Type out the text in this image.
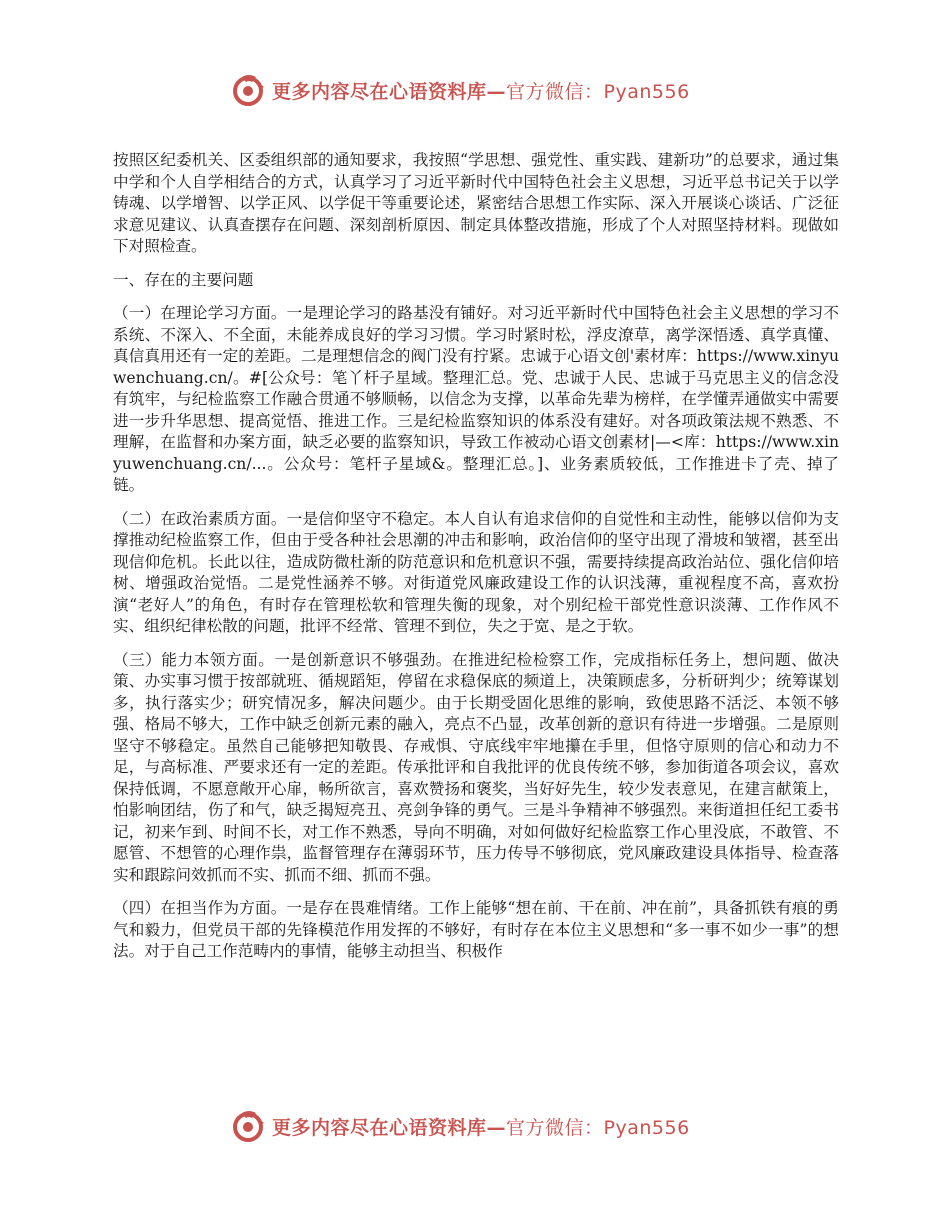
更多内容尽在心语资料库—官方微信：Pyan556

按照区纪委机关、区委组织部的通知要求，我按照“学思想、强党性、重实践、建新功”的总要求，通过集中学和个人自学相结合的方式，认真学习了习近平新时代中国特色社会主义思想，习近平总书记关于以学铸魂、以学增智、以学正风、以学促干等重要论述，紧密结合思想工作实际、深入开展谈心谈话、广泛征求意见建议、认真查摆存在问题、深刻剖析原因、制定具体整改措施，形成了个人对照坚持材料。现做如下对照检查。

一、存在的主要问题

（一）在理论学习方面。一是理论学习的路基没有铺好。对习近平新时代中国特色社会主义思想的学习不系统、不深入、不全面，未能养成良好的学习习惯。学习时紧时松，浮皮潦草，离学深悟透、真学真懂、真信真用还有一定的差距。二是理想信念的阀门没有拧紧。忠诚于心语文创'素材库：https://www.xinyuwenchuang.cn/。#[公众号：笔丫杆子星域。整理汇总。党、忠诚于人民、忠诚于马克思主义的信念没有筑牢，与纪检监察工作融合贯通不够顺畅，以信念为支撑，以革命先辈为榜样，在学懂弄通做实中需要进一步升华思想、提高觉悟、推进工作。三是纪检监察知识的体系没有建好。对各项政策法规不熟悉、不理解，在监督和办案方面，缺乏必要的监察知识，导致工作被动心语文创素材|—<库：https://www.xinyuwenchuang.cn/...。公众号：笔杆子星域&。整理汇总。]、业务素质较低，工作推进卡了壳、掉了链。

（二）在政治素质方面。一是信仰坚守不稳定。本人自认有追求信仰的自觉性和主动性，能够以信仰为支撑推动纪检监察工作，但由于受各种社会思潮的冲击和影响，政治信仰的坚守出现了滑坡和皱褶，甚至出现信仰危机。长此以往，造成防微杜渐的防范意识和危机意识不强，需要持续提高政治站位、强化信仰培树、增强政治觉悟。二是党性涵养不够。对街道党风廉政建设工作的认识浅薄，重视程度不高，喜欢扮演“老好人”的角色，有时存在管理松软和管理失衡的现象，对个别纪检干部党性意识淡薄、工作作风不实、组织纪律松散的问题，批评不经常、管理不到位，失之于宽、是之于软。

（三）能力本领方面。一是创新意识不够强劲。在推进纪检检察工作，完成指标任务上，想问题、做决策、办实事习惯于按部就班、循规蹈矩，停留在求稳保底的频道上，决策顾虑多，分析研判少；统筹谋划多，执行落实少；研究情况多，解决问题少。由于长期受固化思维的影响，致使思路不活泛、本领不够强、格局不够大，工作中缺乏创新元素的融入，亮点不凸显，改革创新的意识有待进一步增强。二是原则坚守不够稳定。虽然自己能够把知敬畏、存戒惧、守底线牢牢地攥在手里，但恪守原则的信心和动力不足，与高标准、严要求还有一定的差距。传承批评和自我批评的优良传统不够，参加街道各项会议，喜欢保持低调，不愿意敞开心扉，畅所欲言，喜欢赞扬和褒奖，当好好先生，较少发表意见，在建言献策上，怕影响团结，伤了和气，缺乏揭短亮丑、亮剑争锋的勇气。三是斗争精神不够强烈。来街道担任纪工委书记，初来乍到、时间不长，对工作不熟悉，导向不明确，对如何做好纪检监察工作心里没底，不敢管、不愿管、不想管的心理作祟，监督管理存在薄弱环节，压力传导不够彻底，党风廉政建设具体指导、检查落实和跟踪问效抓而不实、抓而不细、抓而不强。

（四）在担当作为方面。一是存在畏难情绪。工作上能够“想在前、干在前、冲在前”，具备抓铁有痕的勇气和毅力，但党员干部的先锋模范作用发挥的不够好，有时存在本位主义思想和“多一事不如少一事”的想法。对于自己工作范畴内的事情，能够主动担当、积极作

更多内容尽在心语资料库—官方微信：Pyan556
